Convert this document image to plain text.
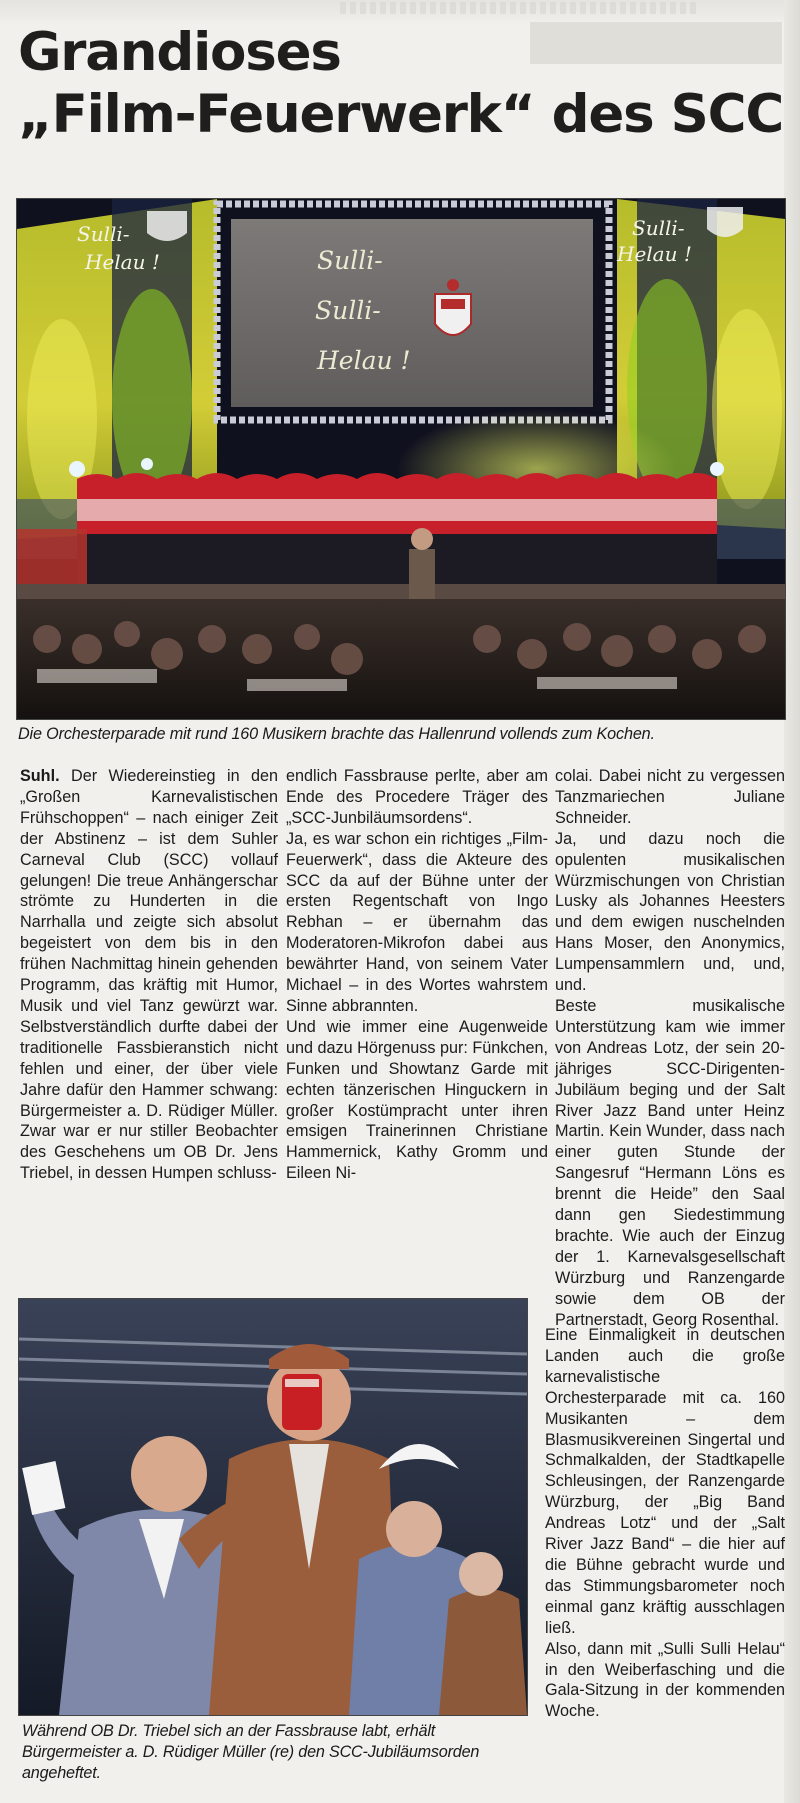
Grandioses
„Film-Feuerwerk“ des SCC
Sulli-
Sulli-
Helau !
Sulli-
Helau !
Sulli-
Helau !

Die Orchesterparade mit rund 160 Musikern brachte das Hallenrund vollends zum Kochen.

Suhl. Der Wiedereinstieg in den „Großen Karnevalistischen Frühschoppen“ – nach einiger Zeit der Abstinenz – ist dem Suhler Carneval Club (SCC) vollauf gelungen! Die treue Anhängerschar strömte zu Hunderten in die Narrhalla und zeigte sich absolut begeistert von dem bis in den frühen Nachmittag hinein gehenden Programm, das kräftig mit Humor, Musik und viel Tanz gewürzt war. Selbstverständlich durfte dabei der traditionelle Fassbieranstich nicht fehlen und einer, der über viele Jahre dafür den Hammer schwang: Bürgermeister a. D. Rüdiger Müller. Zwar war er nur stiller Beobachter des Geschehens um OB Dr. Jens Triebel, in dessen Humpen schluss-

endlich Fassbrause perlte, aber am Ende des Procedere Träger des „SCC-Junbiläumsordens“.

Ja, es war schon ein richtiges „Film-Feuerwerk“, dass die Akteure des SCC da auf der Bühne unter der ersten Regentschaft von Ingo Rebhan – er übernahm das Moderatoren-Mikrofon dabei aus bewährter Hand, von seinem Vater Michael – in des Wortes wahrstem Sinne abbrannten.

Und wie immer eine Augenweide und dazu Hörgenuss pur: Fünkchen, Funken und Showtanz Garde mit echten tänzerischen Hinguckern in großer Kostümpracht unter ihren emsigen Trainerinnen Christiane Hammernick, Kathy Gromm und Eileen Ni-

colai. Dabei nicht zu vergessen Tanzmariechen Juliane Schneider.

Ja, und dazu noch die opulenten musikalischen Würzmischungen von Christian Lusky als Johannes Heesters und dem ewigen nuschelnden Hans Moser, den Anonymics, Lumpensammlern und, und, und.

Beste musikalische Unterstützung kam wie immer von Andreas Lotz, der sein 20-jähriges SCC-Dirigenten-Jubiläum beging und der Salt River Jazz Band unter Heinz Martin. Kein Wunder, dass nach einer guten Stunde der Sangesruf “Hermann Löns es brennt die Heide” den Saal dann gen Siedestimmung brachte. Wie auch der Einzug der 1. Karnevalsgesellschaft Würzburg und Ranzengarde sowie dem OB der Partnerstadt, Georg Rosenthal.

Eine Einmaligkeit in deutschen Landen auch die große karnevalistische Orchesterparade mit ca. 160 Musikanten – dem Blasmusikvereinen Singertal und Schmalkalden, der Stadtkapelle Schleusingen, der Ranzengarde Würzburg, der „Big Band Andreas Lotz“ und der „Salt River Jazz Band“ – die hier auf die Bühne gebracht wurde und das Stimmungsbarometer noch einmal ganz kräftig ausschlagen ließ.

Also, dann mit „Sulli Sulli Helau“ in den Weiberfasching und die Gala-Sitzung in der kommenden Woche.

Während OB Dr. Triebel sich an der Fassbrause labt, erhält Bürgermeister a. D. Rüdiger Müller (re) den SCC-Jubiläumsorden angeheftet.
